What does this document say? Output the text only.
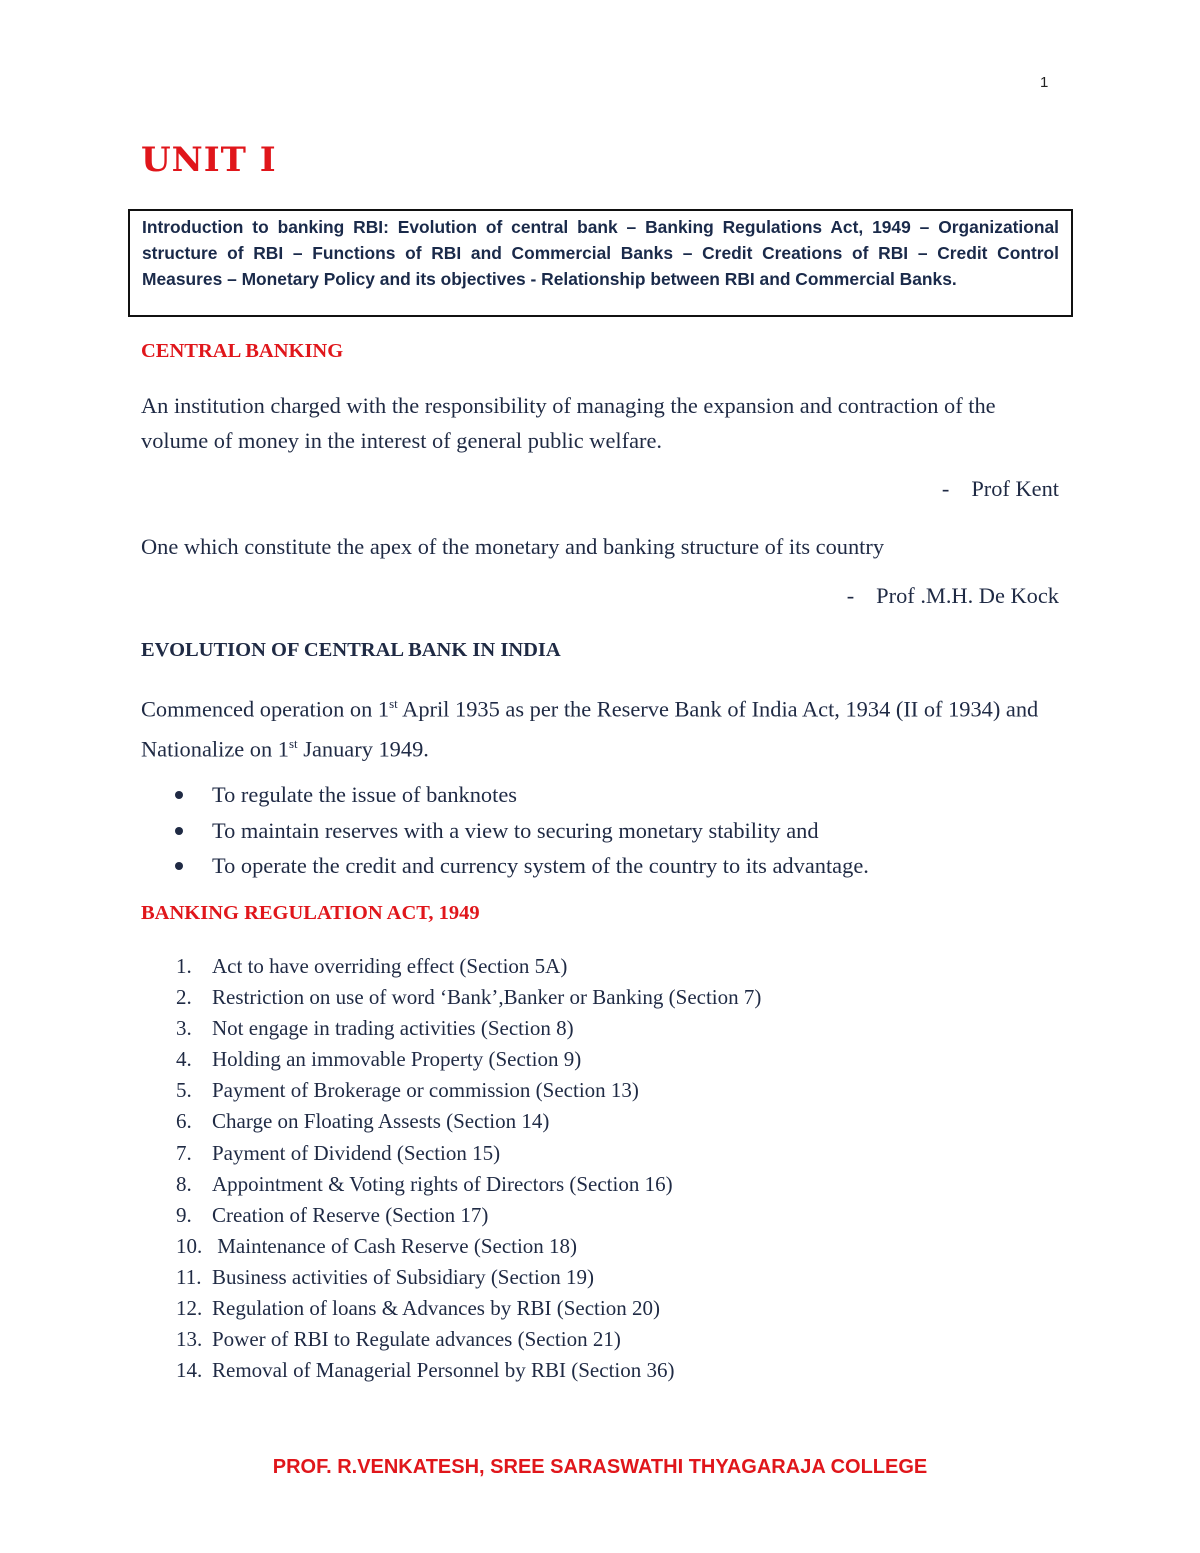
1
UNIT I
Introduction to banking RBI: Evolution of central bank – Banking Regulations Act, 1949 – Organizational structure of RBI – Functions of RBI and Commercial Banks – Credit Creations of RBI – Credit Control Measures – Monetary Policy and its objectives - Relationship between RBI and Commercial Banks.
CENTRAL BANKING

An institution charged with the responsibility of managing the expansion and contraction of the volume of money in the interest of general public welfare.

- Prof Kent

One which constitute the apex of the monetary and banking structure of its country

- Prof .M.H. De Kock

EVOLUTION OF CENTRAL BANK IN INDIA

Commenced operation on 1st April 1935 as per the Reserve Bank of India Act, 1934 (II of 1934) and Nationalize on 1st January 1949.

To regulate the issue of banknotes
To maintain reserves with a view to securing monetary stability and
To operate the credit and currency system of the country to its advantage.
BANKING REGULATION ACT, 1949
1. Act to have overriding effect (Section 5A)
2. Restriction on use of word ‘Bank’,Banker or Banking (Section 7)
3. Not engage in trading activities (Section 8)
4. Holding an immovable Property (Section 9)
5. Payment of Brokerage or commission (Section 13)
6. Charge on Floating Assests (Section 14)
7. Payment of Dividend (Section 15)
8. Appointment & Voting rights of Directors (Section 16)
9. Creation of Reserve (Section 17)
10. Maintenance of Cash Reserve (Section 18)
11. Business activities of Subsidiary (Section 19)
12. Regulation of loans & Advances by RBI (Section 20)
13. Power of RBI to Regulate advances (Section 21)
14. Removal of Managerial Personnel by RBI (Section 36)
PROF. R.VENKATESH, SREE SARASWATHI THYAGARAJA COLLEGE
